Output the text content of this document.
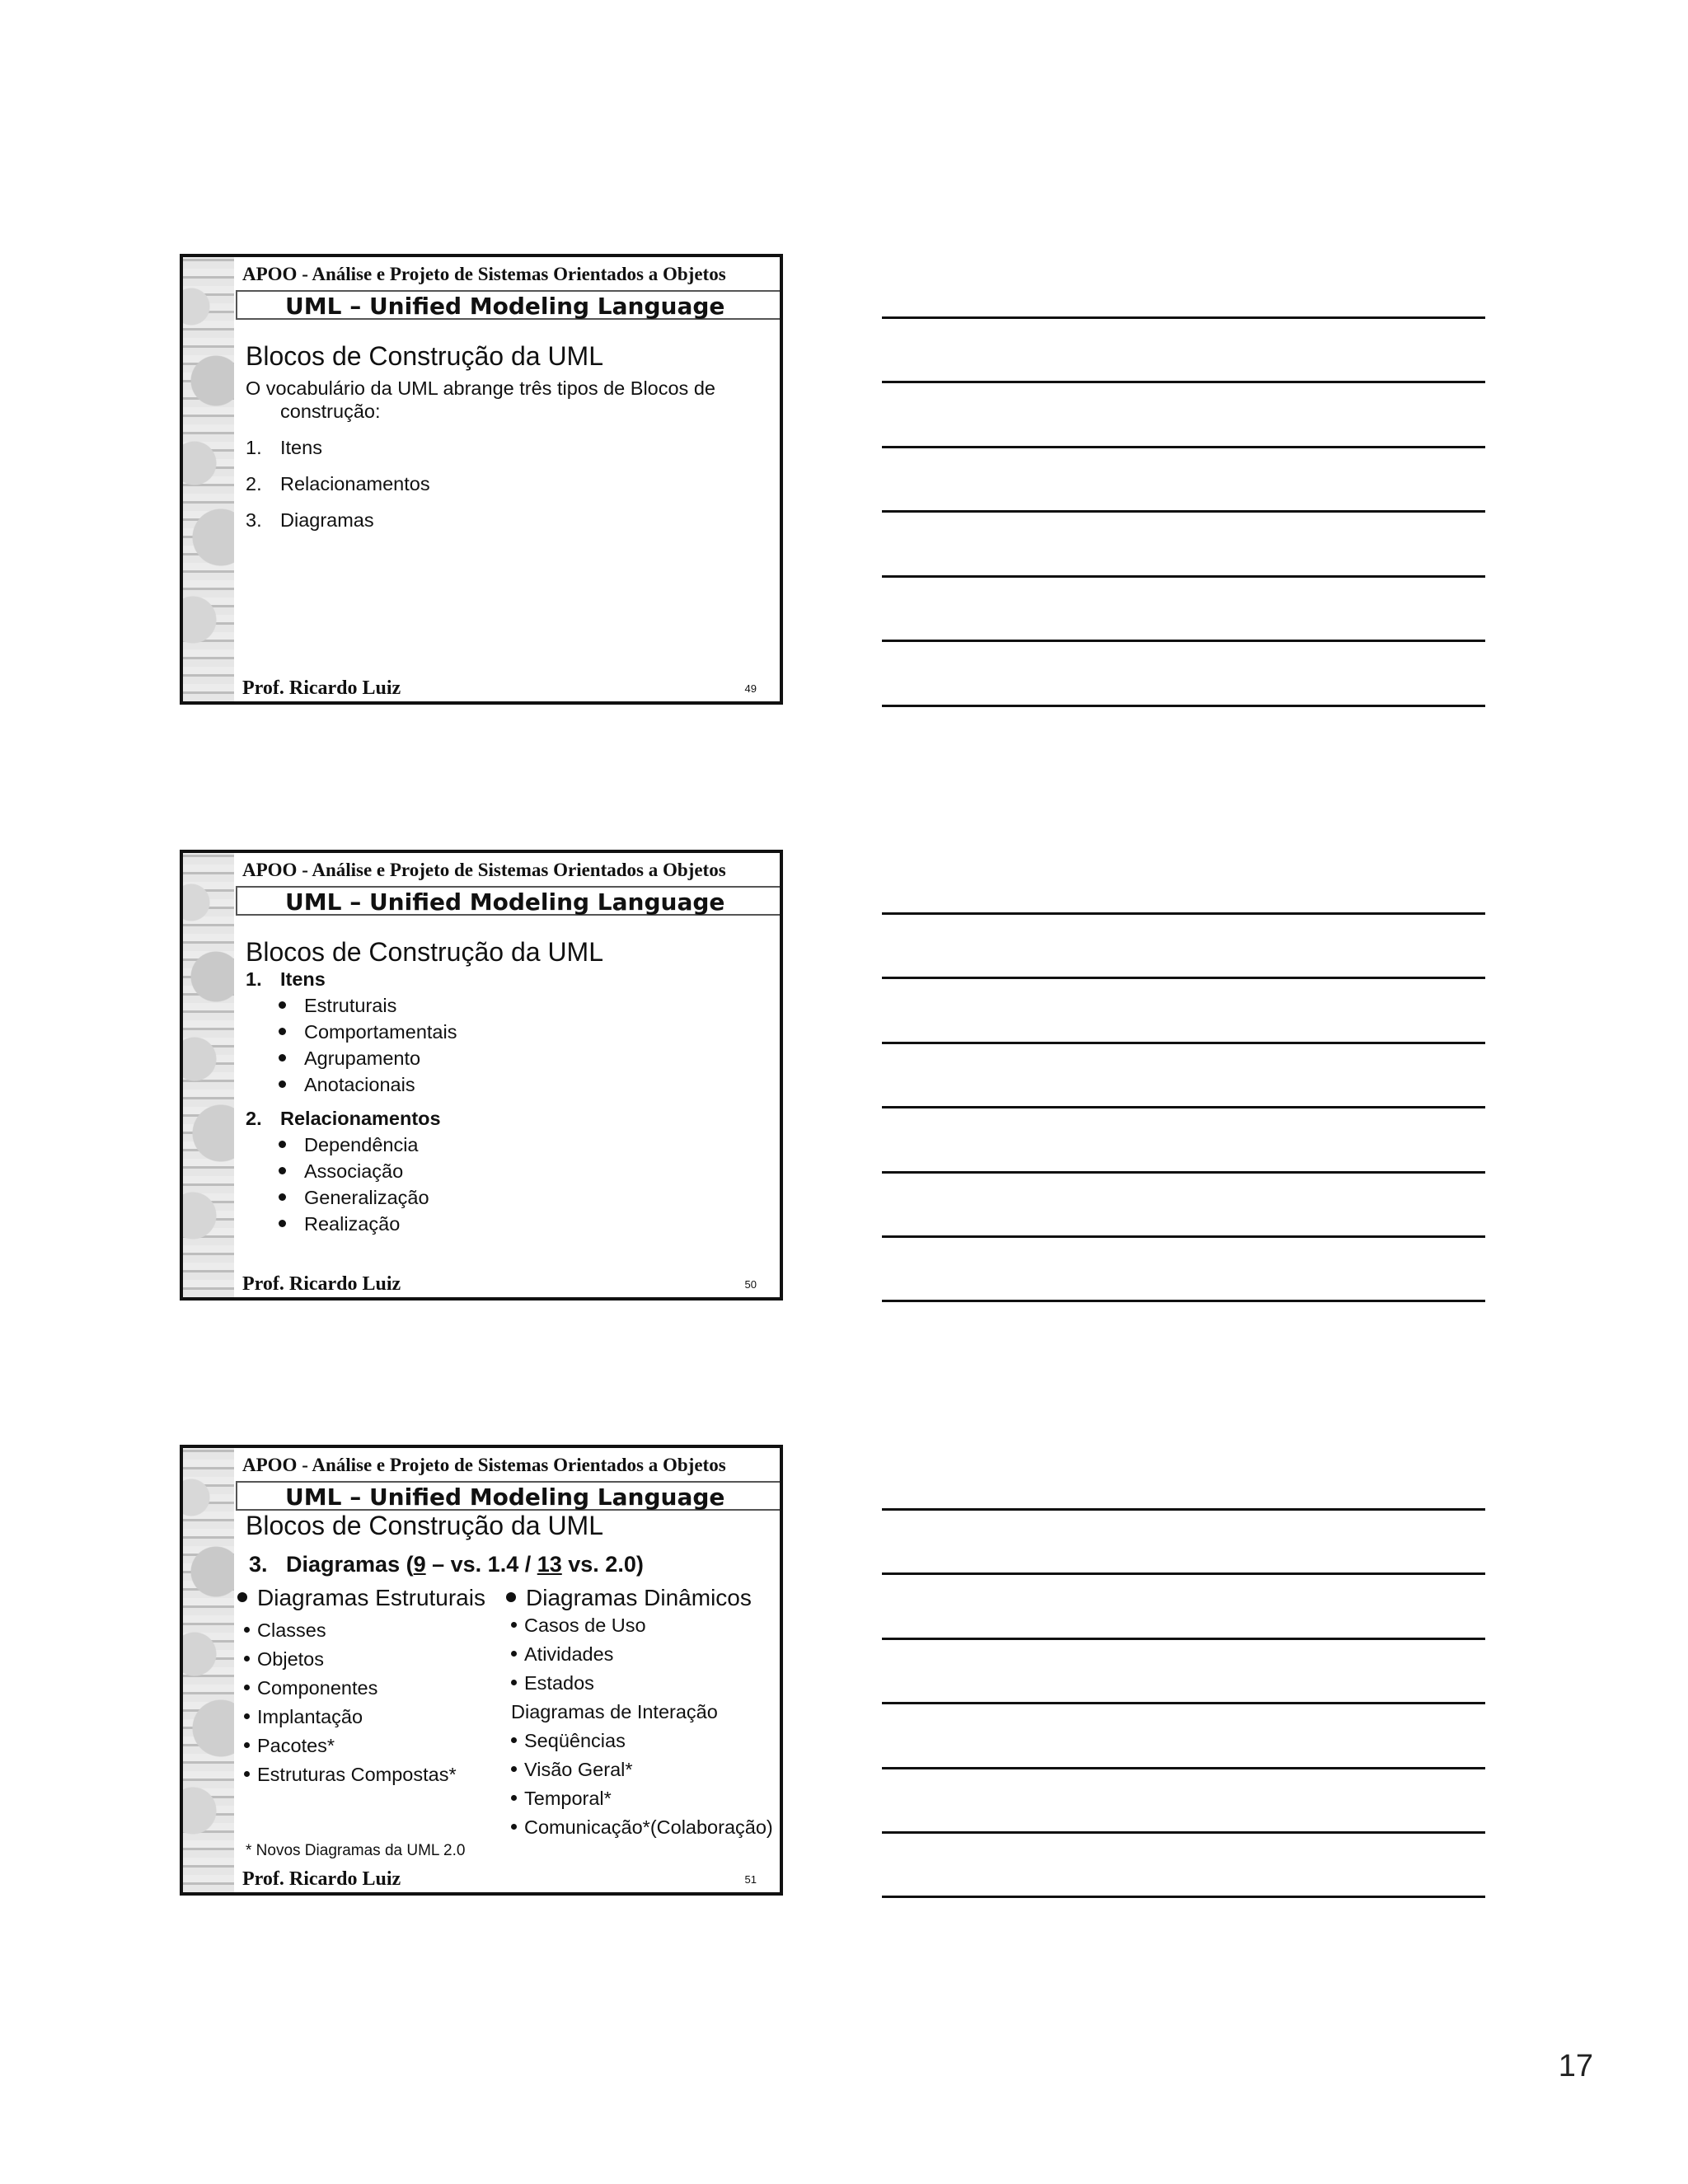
APOO - Análise e Projeto de Sistemas Orientados a Objetos
UML – Unified Modeling Language
Blocos de Construção da UML
O vocabulário da UML abrange três tipos de Blocos de
construção:
1. Itens
2. Relacionamentos
3. Diagramas
Prof. Ricardo Luiz	49
APOO - Análise e Projeto de Sistemas Orientados a Objetos
UML – Unified Modeling Language
Blocos de Construção da UML
1. Itens
Estruturais
Comportamentais
Agrupamento
Anotacionais
2. Relacionamentos
Dependência
Associação
Generalização
Realização
Prof. Ricardo Luiz	50
APOO - Análise e Projeto de Sistemas Orientados a Objetos
UML – Unified Modeling Language
Blocos de Construção da UML
3.   Diagramas (9 – vs. 1.4 / 13 vs. 2.0)
Diagramas Estruturais	Diagramas Dinâmicos
Classes
Objetos
Componentes
Implantação
Pacotes*
Estruturas Compostas*
Casos de Uso
Atividades
Estados
Diagramas de Interação
Seqüências
Visão Geral*
Temporal*
Comunicação*(Colaboração)
* Novos Diagramas da UML 2.0
Prof. Ricardo Luiz	51
17
